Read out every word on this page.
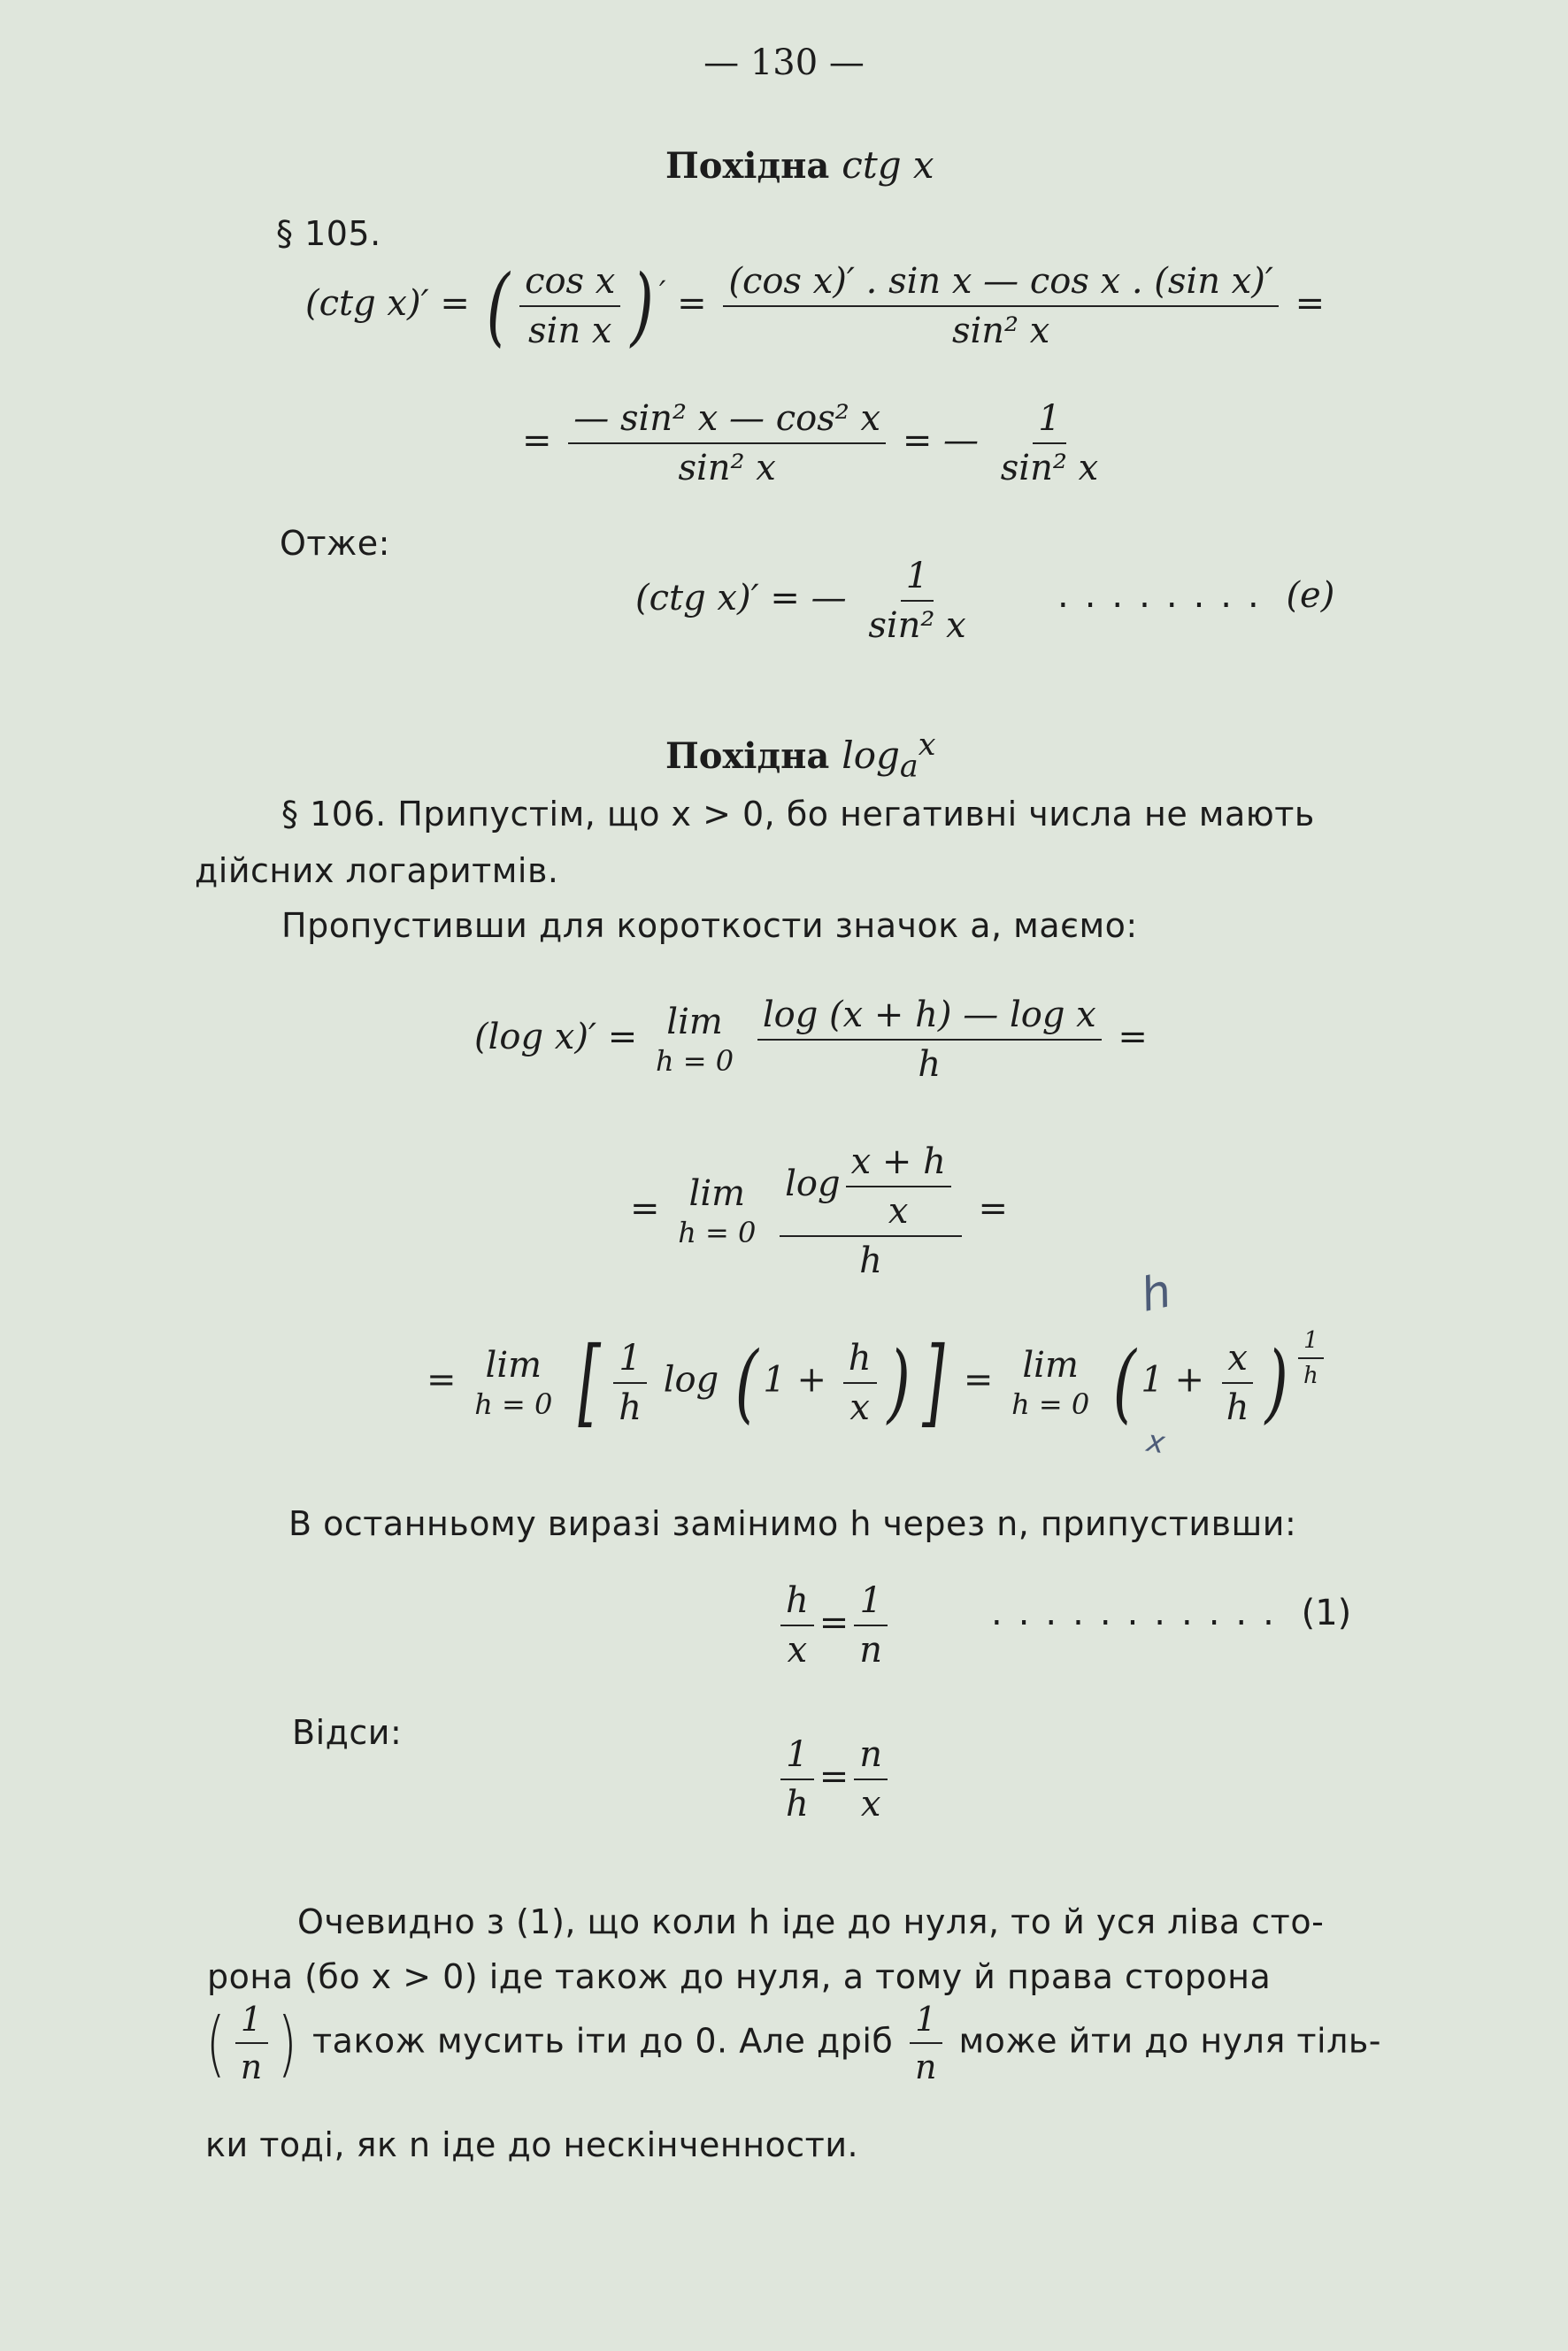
— 130 —
Похідна ctg x
§ 105.
(ctg x)′ = ( $\frac{\text{cos x}}{\text{sin x}}$ ) $' = \frac{\text{(cos x)′ . sin x — cos x . (sin x)′}}{\text{sin² x}}$ =
= $\frac{\text{— sin² x — cos² x}}{\text{sin² x}}$ = — $\frac{1}{\text{sin² x}}$
Отже:
(ctg x)′ = — $\frac{1}{\text{sin² x}}$ ........ (e)
Похідна $\log_a^x$
§ 106. Припустім, що x > 0, бо негативні числа не мають
дійсних логаритмів.
Пропустивши для короткости значок a, маємо:
(log x)′ = lim
h = 0
$\frac{\text{log (x + h) — log x}}{h}$ =
= lim
h = 0
$\frac{\log \frac{x + h}{x}}{h}$ =
= lim
h = 0 [ $\frac{1}{h}$ log ( $1 + \frac{h}{x}$ ) ] = lim
h = 0 ( $1 + \frac{x}{h}$ ) $\frac{1}{h}$
h
x
В останньому виразі замінимо h через n, припустивши:
$\frac{h}{x} = \frac{1}{n}$	........... (1)
Відси:
$\frac{1}{h} = \frac{n}{x}$
Очевидно з (1), що коли h іде до нуля, то й уся ліва сто-
рона (бо x > 0) іде також до нуля, а тому й права сторона
( $\frac{1}{n}$ ) також мусить іти до 0. Але дріб $\frac{1}{n}$ може йти до нуля тіль-
ки тоді, як n іде до нескінченности.
